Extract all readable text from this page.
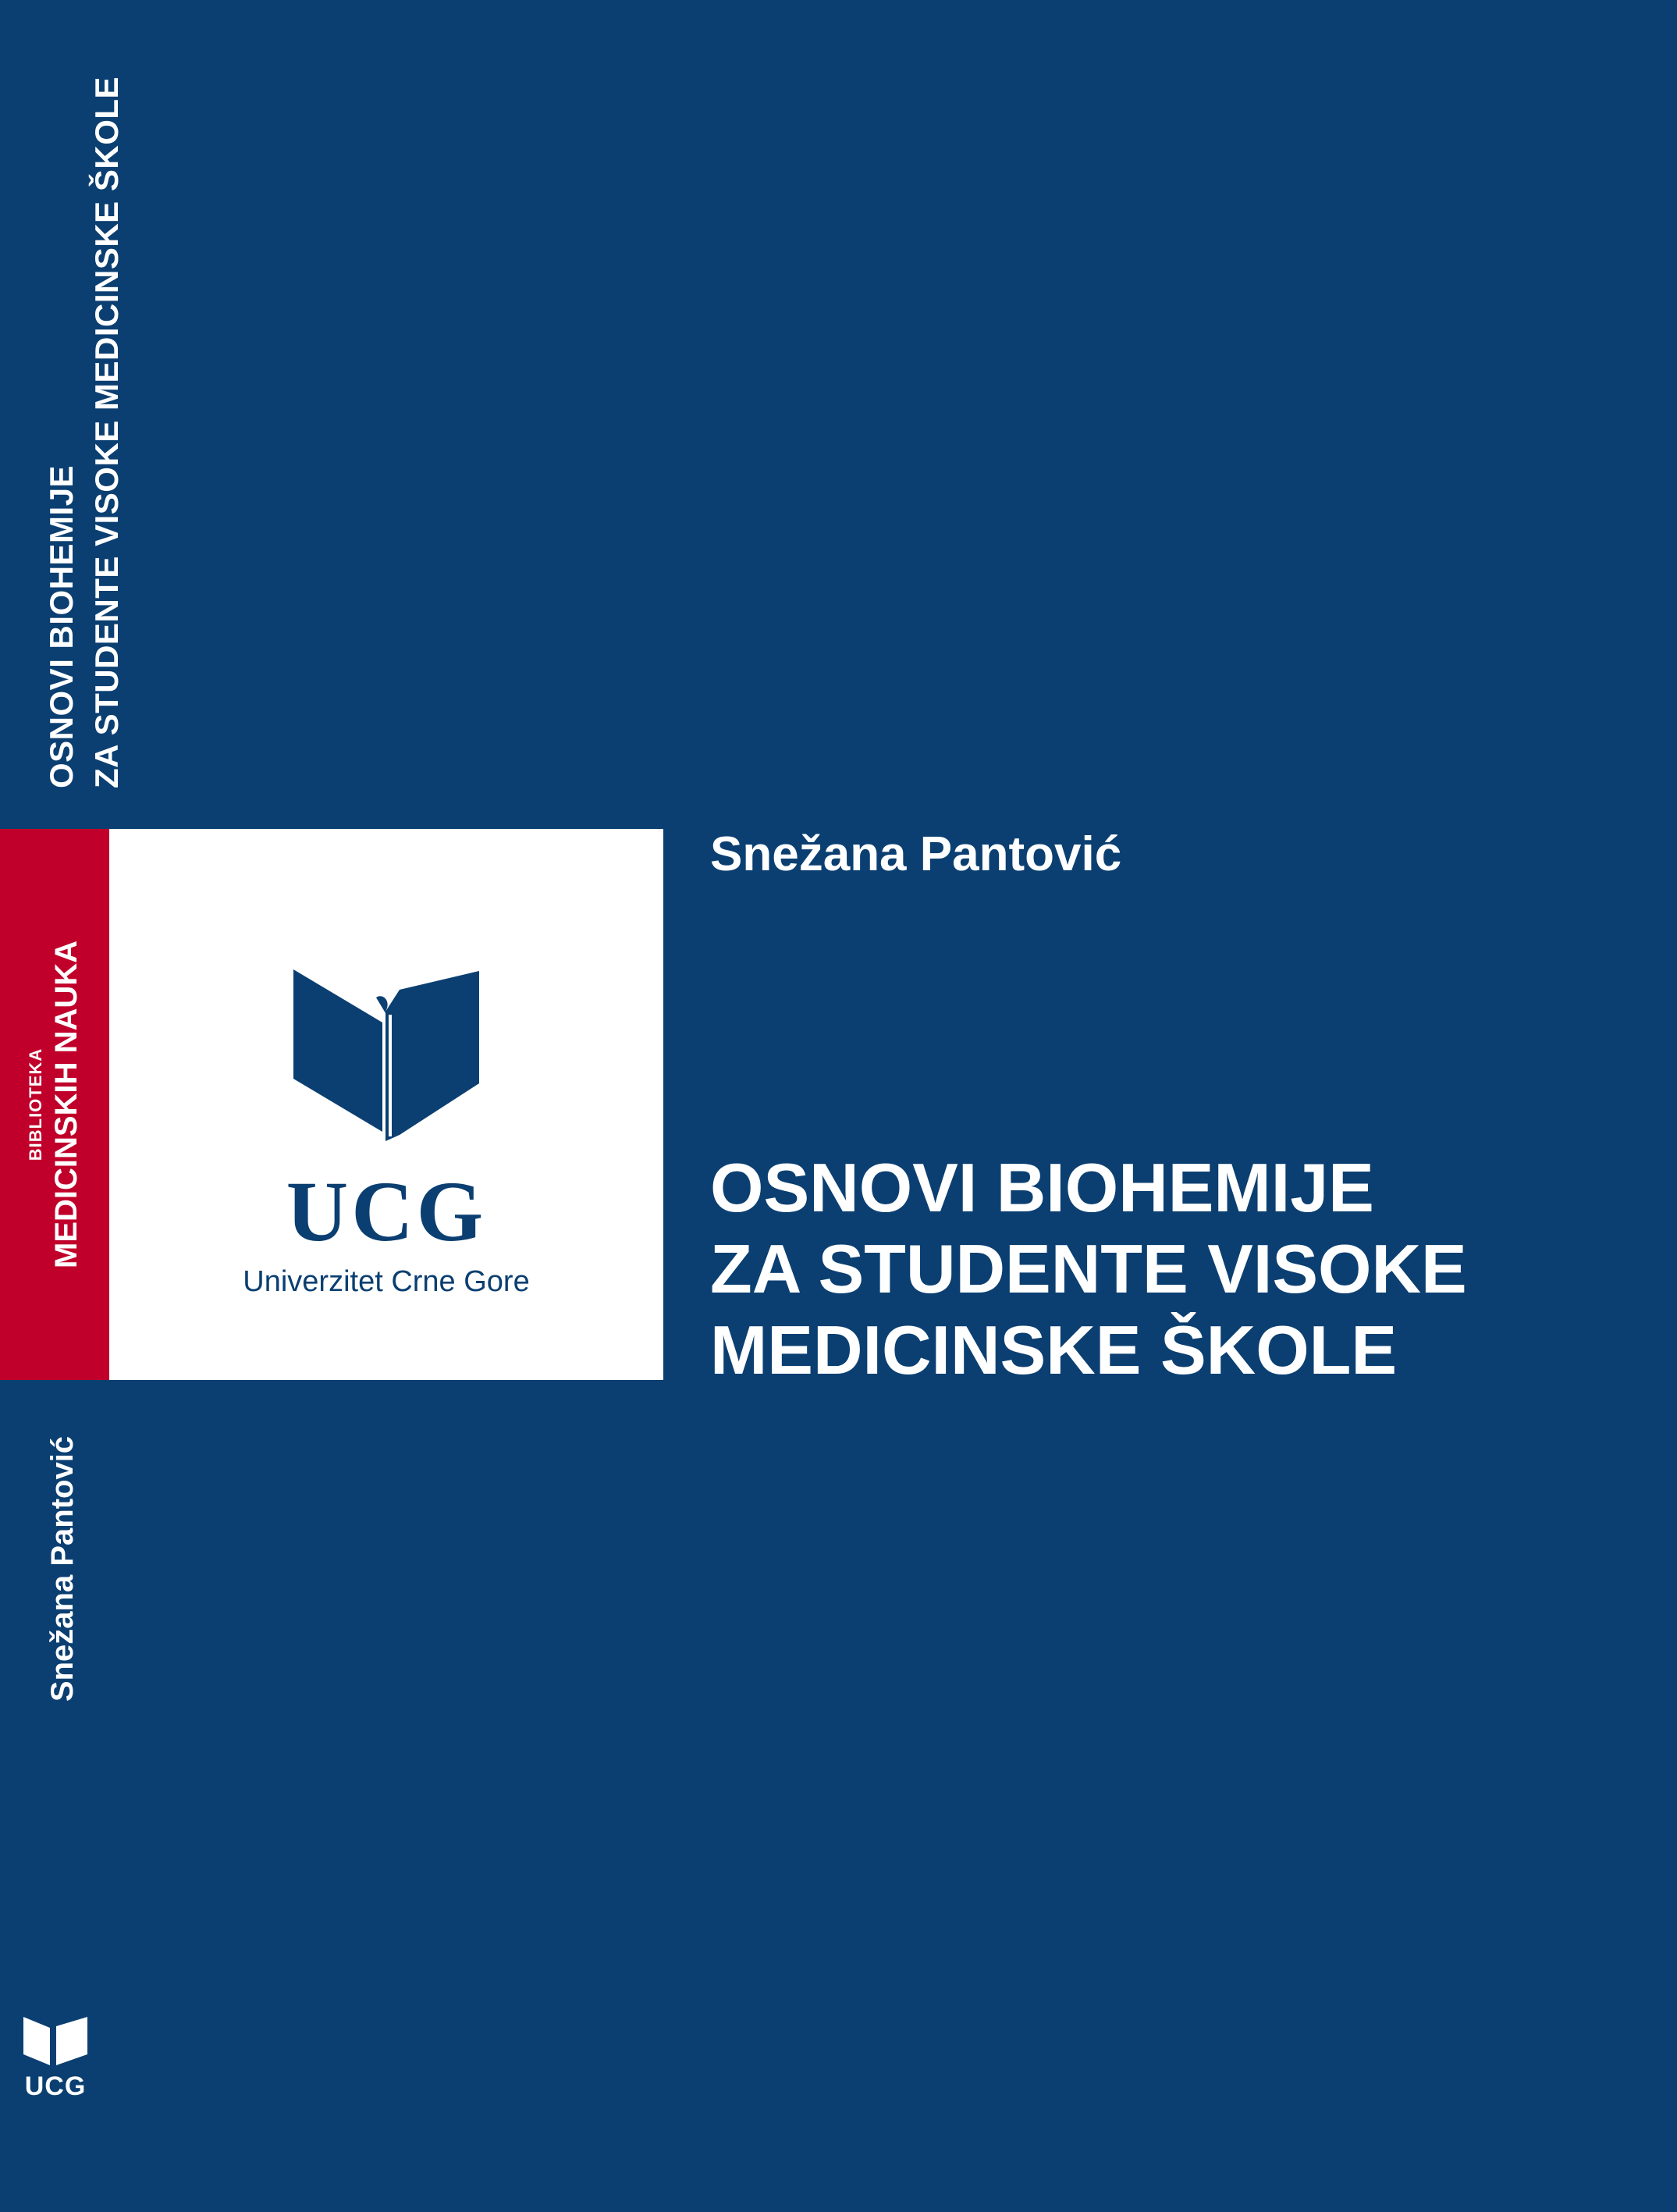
OSNOVI BIOHEMIJE ZA STUDENTE VISOKE MEDICINSKE ŠKOLE
BIBLIOTEKA MEDICINSKIH NAUKA
Snežana Pantović
UCG
UCG
Univerzitet Crne Gore
Snežana Pantović
OSNOVI BIOHEMIJE
ZA STUDENTE VISOKE
MEDICINSKE ŠKOLE
